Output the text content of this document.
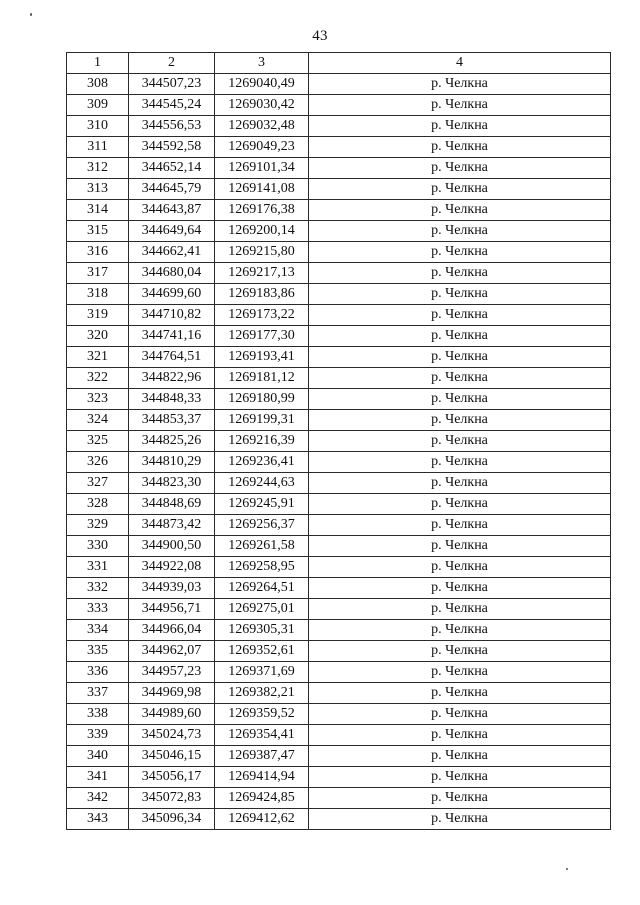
43
1	2	3	4
308	344507,23	1269040,49	р. Челкна
309	344545,24	1269030,42	р. Челкна
310	344556,53	1269032,48	р. Челкна
311	344592,58	1269049,23	р. Челкна
312	344652,14	1269101,34	р. Челкна
313	344645,79	1269141,08	р. Челкна
314	344643,87	1269176,38	р. Челкна
315	344649,64	1269200,14	р. Челкна
316	344662,41	1269215,80	р. Челкна
317	344680,04	1269217,13	р. Челкна
318	344699,60	1269183,86	р. Челкна
319	344710,82	1269173,22	р. Челкна
320	344741,16	1269177,30	р. Челкна
321	344764,51	1269193,41	р. Челкна
322	344822,96	1269181,12	р. Челкна
323	344848,33	1269180,99	р. Челкна
324	344853,37	1269199,31	р. Челкна
325	344825,26	1269216,39	р. Челкна
326	344810,29	1269236,41	р. Челкна
327	344823,30	1269244,63	р. Челкна
328	344848,69	1269245,91	р. Челкна
329	344873,42	1269256,37	р. Челкна
330	344900,50	1269261,58	р. Челкна
331	344922,08	1269258,95	р. Челкна
332	344939,03	1269264,51	р. Челкна
333	344956,71	1269275,01	р. Челкна
334	344966,04	1269305,31	р. Челкна
335	344962,07	1269352,61	р. Челкна
336	344957,23	1269371,69	р. Челкна
337	344969,98	1269382,21	р. Челкна
338	344989,60	1269359,52	р. Челкна
339	345024,73	1269354,41	р. Челкна
340	345046,15	1269387,47	р. Челкна
341	345056,17	1269414,94	р. Челкна
342	345072,83	1269424,85	р. Челкна
343	345096,34	1269412,62	р. Челкна
